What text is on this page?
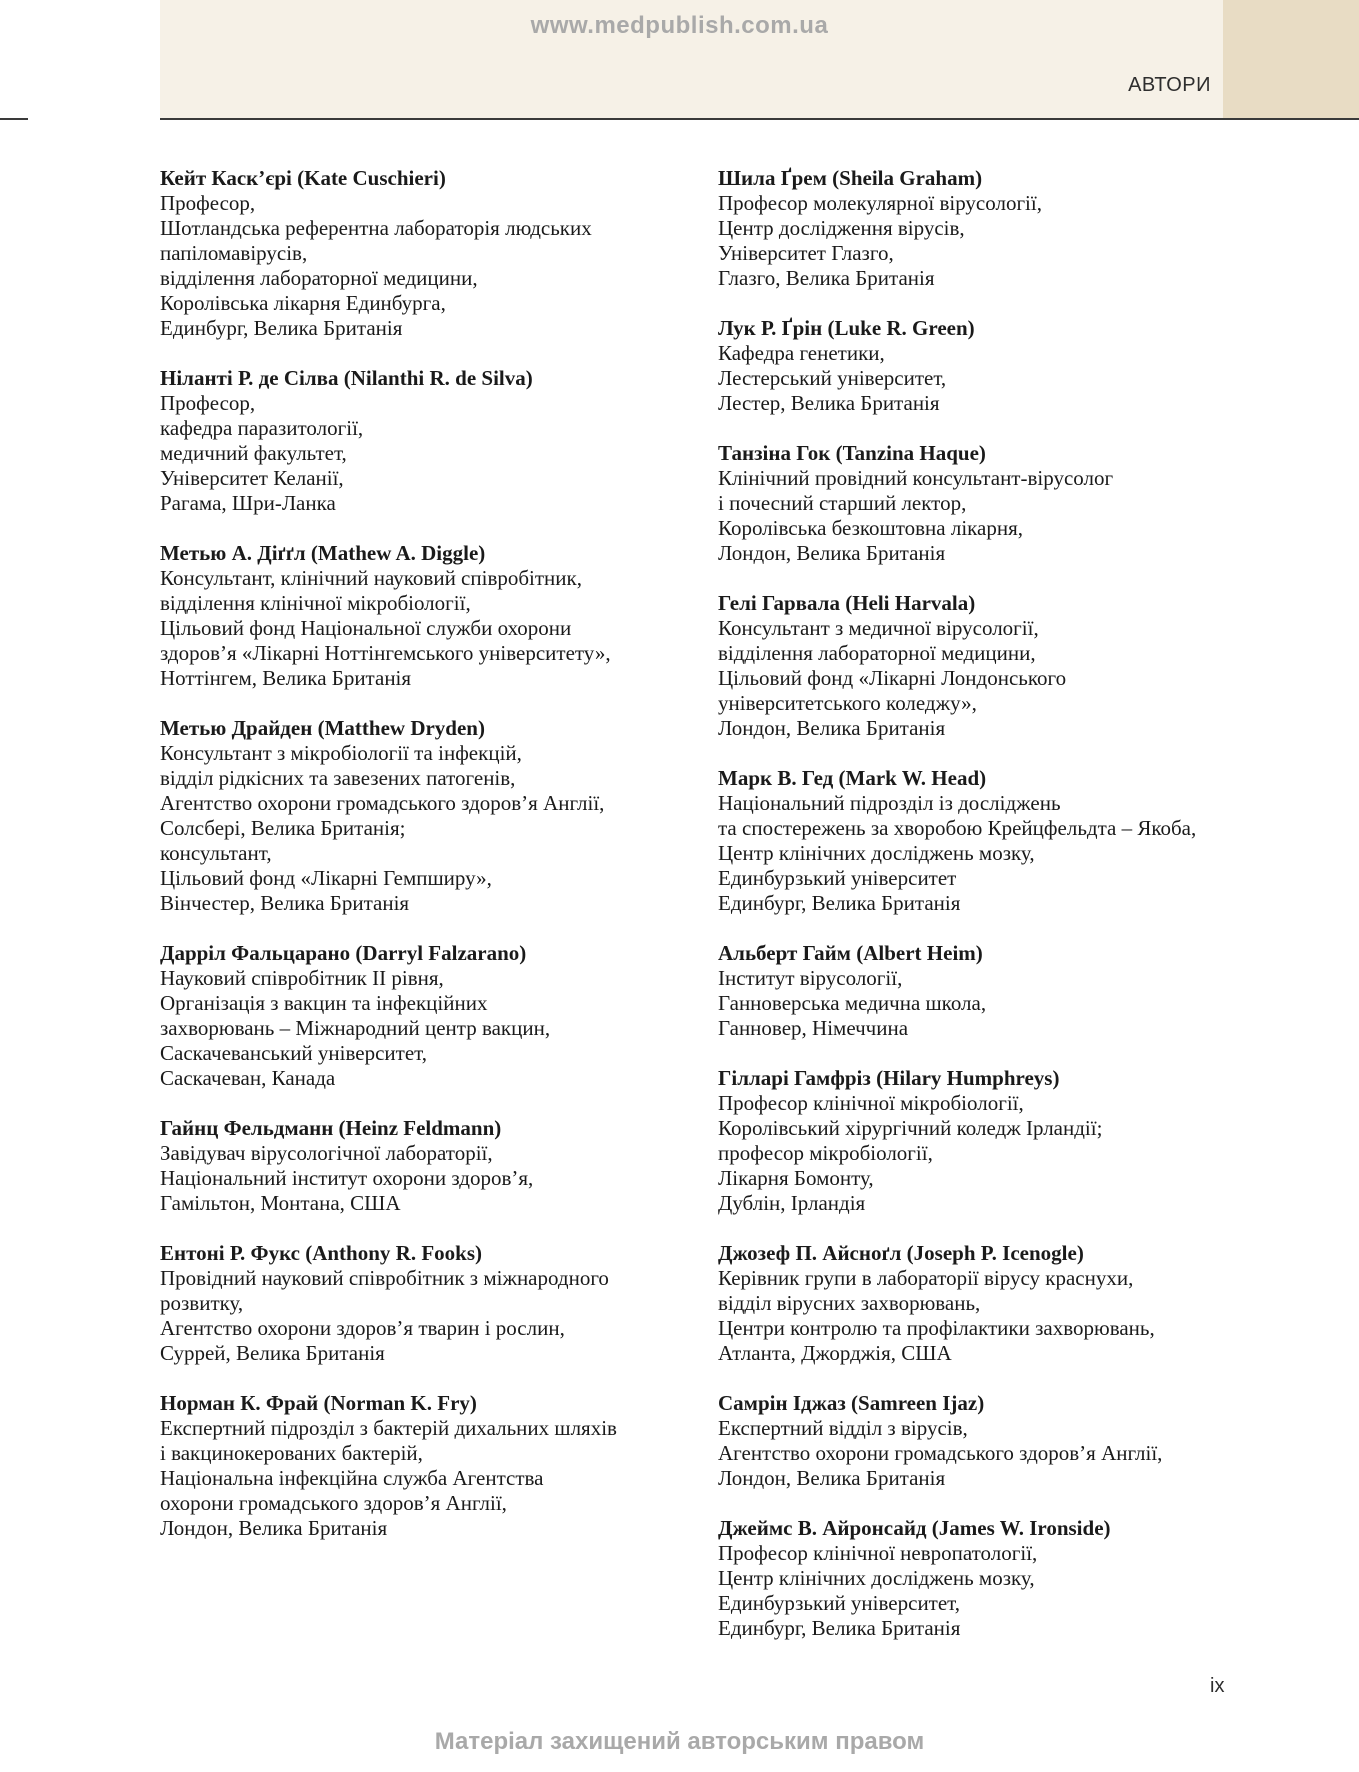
www.medpublish.com.ua
АВТОРИ
Кейт Каск’єрі (Kate Cuschieri)
Професор,
Шотландська референтна лабораторія людських
папіломавірусів,
відділення лабораторної медицини,
Королівська лікарня Единбурга,
Единбург, Велика Британія
Ніланті Р. де Сілва (Nilanthi R. de Silva)
Професор,
кафедра паразитології,
медичний факультет,
Університет Келанії,
Рагама, Шри-Ланка
Метью А. Діґґл (Mathew A. Diggle)
Консультант, клінічний науковий співробітник,
відділення клінічної мікробіології,
Цільовий фонд Національної служби охорони
здоров’я «Лікарні Ноттінгемського університету»,
Ноттінгем, Велика Британія
Метью Драйден (Matthew Dryden)
Консультант з мікробіології та інфекцій,
відділ рідкісних та завезених патогенів,
Агентство охорони громадського здоров’я Англії,
Солсбері, Велика Британія;
консультант,
Цільовий фонд «Лікарні Гемпширу»,
Вінчестер, Велика Британія
Дарріл Фальцарано (Darryl Falzarano)
Науковий співробітник ІІ рівня,
Організація з вакцин та інфекційних
захворювань – Міжнародний центр вакцин,
Саскачеванський університет,
Саскачеван, Канада
Гайнц Фельдманн (Heinz Feldmann)
Завідувач вірусологічної лабораторії,
Національний інститут охорони здоров’я,
Гамільтон, Монтана, США
Ентоні Р. Фукс (Anthony R. Fooks)
Провідний науковий співробітник з міжнародного
розвитку,
Агентство охорони здоров’я тварин і рослин,
Суррей, Велика Британія
Норман К. Фрай (Norman K. Fry)
Експертний підрозділ з бактерій дихальних шляхів
і вакцинокерованих бактерій,
Національна інфекційна служба Агентства
охорони громадського здоров’я Англії,
Лондон, Велика Британія
Шила Ґрем (Sheila Graham)
Професор молекулярної вірусології,
Центр дослідження вірусів,
Університет Глазго,
Глазго, Велика Британія
Лук Р. Ґрін (Luke R. Green)
Кафедра генетики,
Лестерський університет,
Лестер, Велика Британія
Танзіна Гок (Tanzina Haque)
Клінічний провідний консультант-вірусолог
і почесний старший лектор,
Королівська безкоштовна лікарня,
Лондон, Велика Британія
Гелі Гарвала (Heli Harvala)
Консультант з медичної вірусології,
відділення лабораторної медицини,
Цільовий фонд «Лікарні Лондонського
університетського коледжу»,
Лондон, Велика Британія
Марк В. Гед (Mark W. Head)
Національний підрозділ із досліджень
та спостережень за хворобою Крейцфельдта – Якоба,
Центр клінічних досліджень мозку,
Единбурзький університет
Единбург, Велика Британія
Альберт Гайм (Albert Heim)
Інститут вірусології,
Ганноверська медична школа,
Ганновер, Німеччина
Гілларі Гамфріз (Hilary Humphreys)
Професор клінічної мікробіології,
Королівський хірургічний коледж Ірландії;
професор мікробіології,
Лікарня Бомонту,
Дублін, Ірландія
Джозеф П. Айсноґл (Joseph P. Icenogle)
Керівник групи в лабораторії вірусу краснухи,
відділ вірусних захворювань,
Центри контролю та профілактики захворювань,
Атланта, Джорджія, США
Самрін Іджаз (Samreen Ijaz)
Експертний відділ з вірусів,
Агентство охорони громадського здоров’я Англії,
Лондон, Велика Британія
Джеймс В. Айронсайд (James W. Ironside)
Професор клінічної невропатології,
Центр клінічних досліджень мозку,
Единбурзький університет,
Единбург, Велика Британія
ix
Матеріал захищений авторським правом
